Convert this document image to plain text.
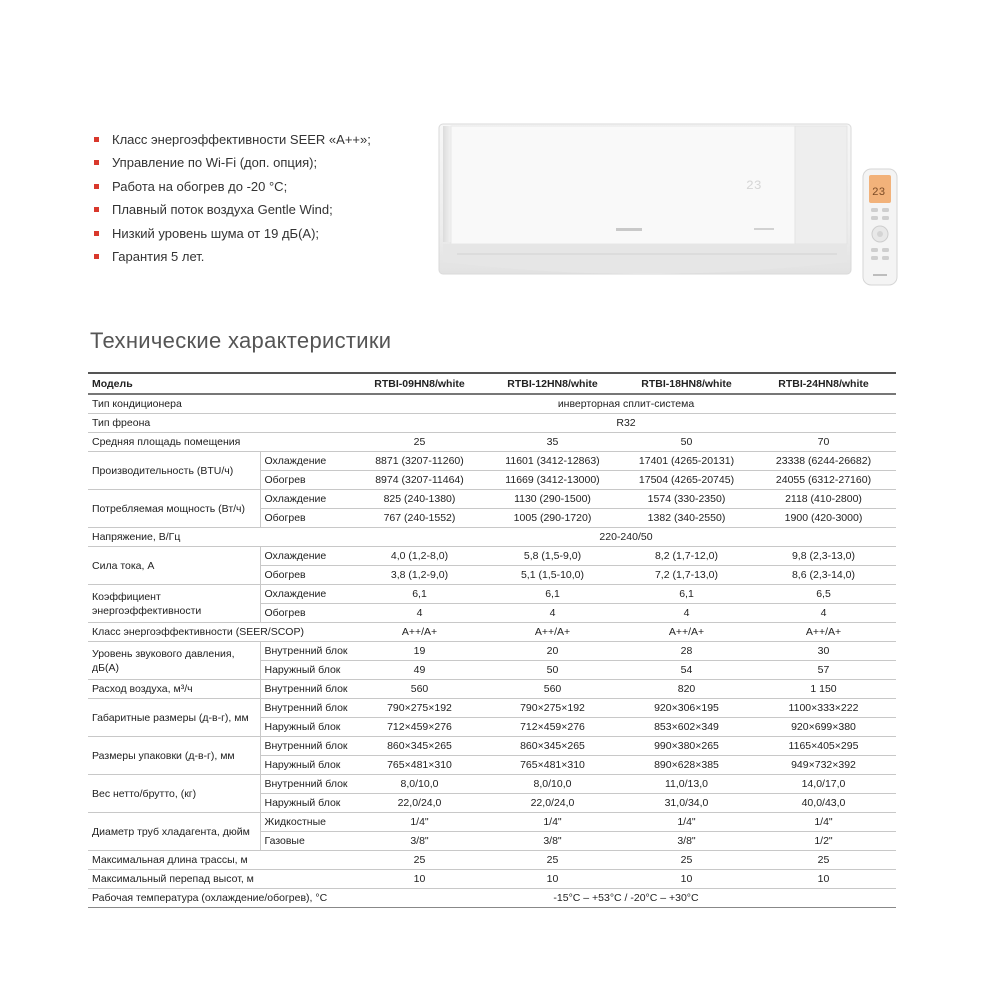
Класс энергоэффективности SEER «А++»;
Управление по Wi-Fi (доп. опция);
Работа на обогрев до -20 °С;
Плавный поток воздуха Gentle Wind;
Низкий уровень шума от 19 дБ(А);
Гарантия 5 лет.
23	23
Технические характеристики
Модель		RTBI-09HN8/white	RTBI-12HN8/white	RTBI-18HN8/white	RTBI-24HN8/white
Тип кондиционера		инверторная сплит-система			
Тип фреона		R32			
Средняя площадь помещения		25	35	50	70
Производительность (BTU/ч)	Охлаждение	8871 (3207-11260)	11601 (3412-12863)	17401 (4265-20131)	23338 (6244-26682)
	Обогрев	8974 (3207-11464)	11669 (3412-13000)	17504 (4265-20745)	24055 (6312-27160)
Потребляемая мощность (Вт/ч)	Охлаждение	825 (240-1380)	1130 (290-1500)	1574 (330-2350)	2118 (410-2800)
	Обогрев	767 (240-1552)	1005 (290-1720)	1382 (340-2550)	1900 (420-3000)
Напряжение, В/Гц		220-240/50			
Сила тока, А	Охлаждение	4,0 (1,2-8,0)	5,8 (1,5-9,0)	8,2 (1,7-12,0)	9,8 (2,3-13,0)
	Обогрев	3,8 (1,2-9,0)	5,1 (1,5-10,0)	7,2 (1,7-13,0)	8,6 (2,3-14,0)
Коэффициент энергоэффективности	Охлаждение	6,1	6,1	6,1	6,5
	Обогрев	4	4	4	4
Класс энергоэффективности (SEER/SCOP)		А++/А+	А++/А+	А++/А+	А++/А+
Уровень звукового давления, дБ(А)	Внутренний блок	19	20	28	30
	Наружный блок	49	50	54	57
Расход воздуха, м³/ч	Внутренний блок	560	560	820	1 150
Габаритные размеры (д-в-г), мм	Внутренний блок	790×275×192	790×275×192	920×306×195	1100×333×222
	Наружный блок	712×459×276	712×459×276	853×602×349	920×699×380
Размеры упаковки (д-в-г), мм	Внутренний блок	860×345×265	860×345×265	990×380×265	1165×405×295
	Наружный блок	765×481×310	765×481×310	890×628×385	949×732×392
Вес нетто/брутто, (кг)	Внутренний блок	8,0/10,0	8,0/10,0	11,0/13,0	14,0/17,0
	Наружный блок	22,0/24,0	22,0/24,0	31,0/34,0	40,0/43,0
Диаметр труб хладагента, дюйм	Жидкостные	1/4"	1/4"	1/4"	1/4"
	Газовые	3/8"	3/8"	3/8"	1/2"
Максимальная длина трассы, м		25	25	25	25
Максимальный перепад высот, м		10	10	10	10
Рабочая температура (охлаждение/обогрев), °С		-15°С – +53°С / -20°С – +30°С			
